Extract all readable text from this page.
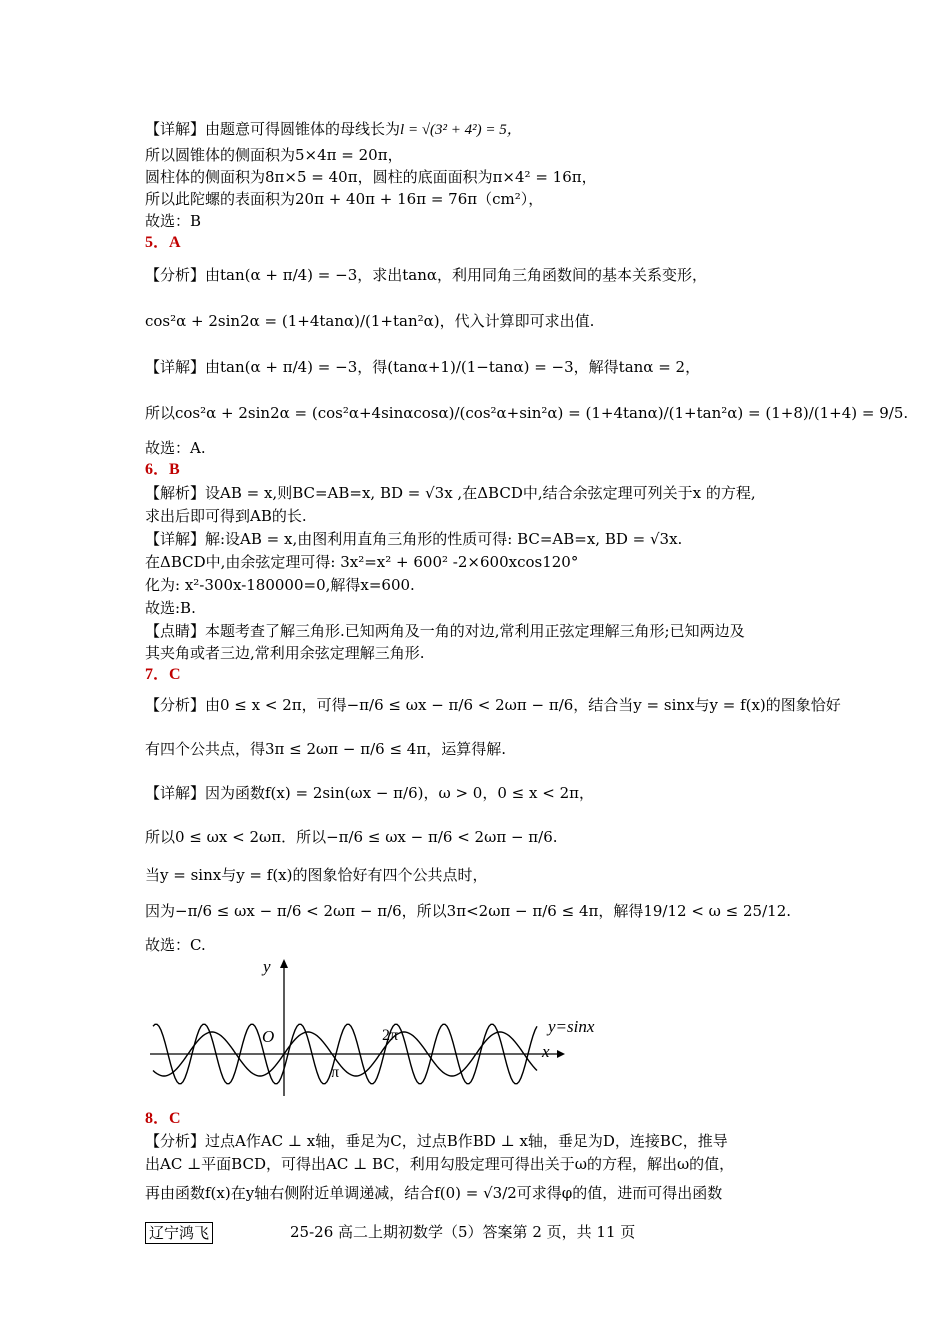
【详解】由题意可得圆锥体的母线长为l = √(3² + 4²) = 5，
所以圆锥体的侧面积为5×4π = 20π，
圆柱体的侧面积为8π×5 = 40π，圆柱的底面面积为π×4² = 16π，
所以此陀螺的表面积为20π + 40π + 16π = 76π（cm²），
故选：B
5．A
【分析】由tan(α + π/4) = −3，求出tanα，利用同角三角函数间的基本关系变形，
cos²α + 2sin2α = (1+4tanα)/(1+tan²α)，代入计算即可求出值.
【详解】由tan(α + π/4) = −3，得(tanα+1)/(1−tanα) = −3，解得tanα = 2，
所以cos²α + 2sin2α = (cos²α+4sinαcosα)/(cos²α+sin²α) = (1+4tanα)/(1+tan²α) = (1+8)/(1+4) = 9/5.
故选：A.
6．B
【解析】设AB = x,则BC=AB=x, BD = √3x ,在ΔBCD中,结合余弦定理可列关于x 的方程,
求出后即可得到AB的长.
【详解】解:设AB = x,由图利用直角三角形的性质可得: BC=AB=x, BD = √3x.
在ΔBCD中,由余弦定理可得: 3x²=x² + 600² -2×600xcos120°
化为: x²-300x-180000=0,解得x=600.
故选:B.
【点睛】本题考查了解三角形.已知两角及一角的对边,常利用正弦定理解三角形;已知两边及
其夹角或者三边,常利用余弦定理解三角形.
7．C
【分析】由0 ≤ x < 2π，可得−π/6 ≤ ωx − π/6 < 2ωπ − π/6，结合当y = sinx与y = f(x)的图象恰好
有四个公共点，得3π ≤ 2ωπ − π/6 ≤ 4π，运算得解.
【详解】因为函数f(x) = 2sin(ωx − π/6)，ω > 0，0 ≤ x < 2π，
所以0 ≤ ωx < 2ωπ．所以−π/6 ≤ ωx − π/6 < 2ωπ − π/6.
当y = sinx与y = f(x)的图象恰好有四个公共点时，
因为−π/6 ≤ ωx − π/6 < 2ωπ − π/6，所以3π<2ωπ − π/6 ≤ 4π，解得19/12 < ω ≤ 25/12.
故选：C.
y
x
O
π
2π	y=sinx
8．C
【分析】过点A作AC ⊥ x轴，垂足为C，过点B作BD ⊥ x轴，垂足为D，连接BC，推导
出AC ⊥平面BCD，可得出AC ⊥ BC，利用勾股定理可得出关于ω的方程，解出ω的值，
再由函数f(x)在y轴右侧附近单调递减，结合f(0) = √3/2可求得φ的值，进而可得出函数
辽宁鸿飞	25-26 高二上期初数学（5）答案第 2 页，共 11 页
